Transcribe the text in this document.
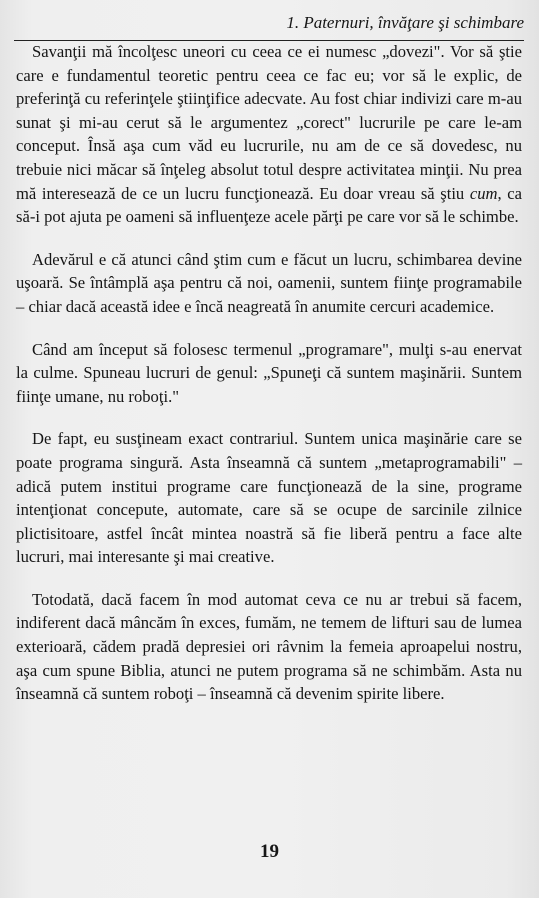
1. Paternuri, învăţare şi schimbare

Savanţii mă încolţesc uneori cu ceea ce ei numesc „dovezi". Vor să ştie care e fundamentul teoretic pentru ceea ce fac eu; vor să le explic, de preferinţă cu referinţele ştiinţifice adecvate. Au fost chiar indivizi care m-au sunat şi mi-au cerut să le argumentez „corect" lucrurile pe care le-am conceput. Însă aşa cum văd eu lucrurile, nu am de ce să dovedesc, nu trebuie nici măcar să înţeleg absolut totul despre activitatea minţii. Nu prea mă interesează de ce un lucru funcţionează. Eu doar vreau să ştiu cum, ca să-i pot ajuta pe oameni să influenţeze acele părţi pe care vor să le schimbe.

Adevărul e că atunci când ştim cum e făcut un lucru, schimbarea devine uşoară. Se întâmplă aşa pentru că noi, oamenii, suntem fiinţe programabile – chiar dacă această idee e încă neagreată în anumite cercuri academice.

Când am început să folosesc termenul „programare", mulţi s-au enervat la culme. Spuneau lucruri de genul: „Spuneţi că suntem maşinării. Suntem fiinţe umane, nu roboţi."

De fapt, eu susţineam exact contrariul. Suntem unica maşinărie care se poate programa singură. Asta înseamnă că suntem „metaprogramabili" – adică putem institui programe care funcţionează de la sine, programe intenţionat concepute, automate, care să se ocupe de sarcinile zilnice plictisitoare, astfel încât mintea noastră să fie liberă pentru a face alte lucruri, mai interesante şi mai creative.

Totodată, dacă facem în mod automat ceva ce nu ar trebui să facem, indiferent dacă mâncăm în exces, fumăm, ne temem de lifturi sau de lumea exterioară, cădem pradă depresiei ori râvnim la femeia aproapelui nostru, aşa cum spune Biblia, atunci ne putem programa să ne schimbăm. Asta nu înseamnă că suntem roboţi – înseamnă că devenim spirite libere.

19
